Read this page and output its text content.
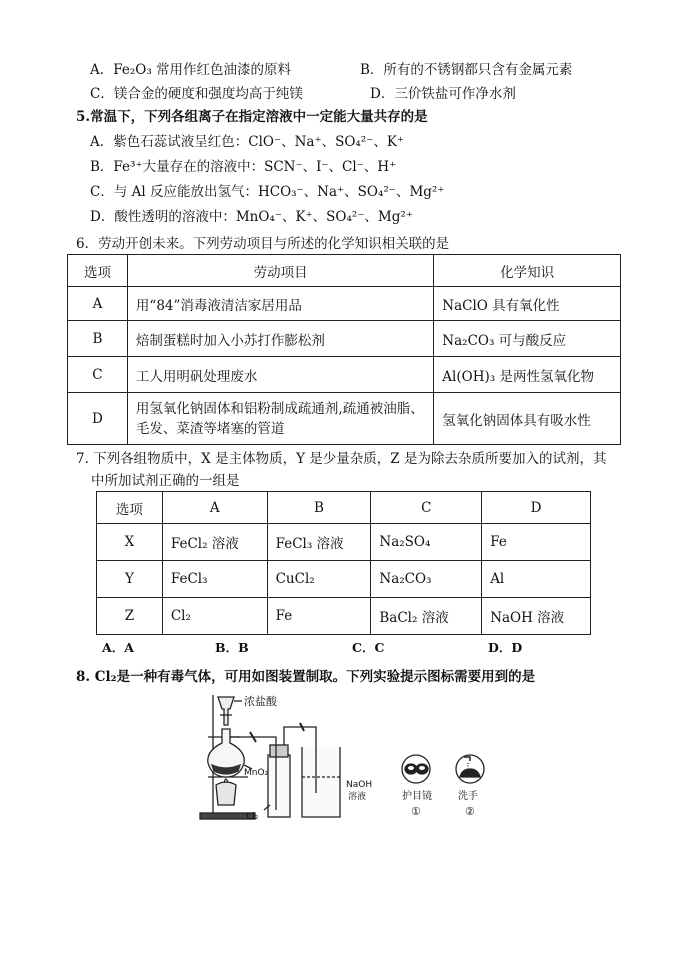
A．Fe₂O₃ 常用作红色油漆的原料	B．所有的不锈钢都只含有金属元素
C．镁合金的硬度和强度均高于纯镁	D．三价铁盐可作净水剂
5.常温下，下列各组离子在指定溶液中一定能大量共存的是
A．紫色石蕊试液呈红色：ClO⁻、Na⁺、SO₄²⁻、K⁺
B．Fe³⁺大量存在的溶液中：SCN⁻、I⁻、Cl⁻、H⁺
C．与 Al 反应能放出氢气：HCO₃⁻、Na⁺、SO₄²⁻、Mg²⁺
D．酸性透明的溶液中：MnO₄⁻、K⁺、SO₄²⁻、Mg²⁺
6．劳动开创未来。下列劳动项目与所述的化学知识相关联的是
选项	劳动项目	化学知识
A	用“84”消毒液清洁家居用品	NaClO 具有氧化性
B	焙制蛋糕时加入小苏打作膨松剂	Na₂CO₃ 可与酸反应
C	工人用明矾处理废水	Al(OH)₃ 是两性氢氧化物
D	用氢氧化钠固体和铝粉制成疏通剂,疏通被油脂、毛发、菜渣等堵塞的管道	氢氧化钠固体具有吸水性
7. 下列各组物质中，X 是主体物质，Y 是少量杂质，Z 是为除去杂质所要加入的试剂，其
中所加试剂正确的一组是
选项	A	B	C	D
X	FeCl₂ 溶液	FeCl₃ 溶液	Na₂SO₄	Fe
Y	FeCl₃	CuCl₂	Na₂CO₃	Al
Z	Cl₂	Fe	BaCl₂ 溶液	NaOH 溶液
A．A	B．B	C．C	D．D
8. Cl₂是一种有毒气体，可用如图装置制取。下列实验提示图标需要用到的是
浓盐酸
MnO₂
Cl₂
NaOH
溶液	护目镜
①
洗手
②
